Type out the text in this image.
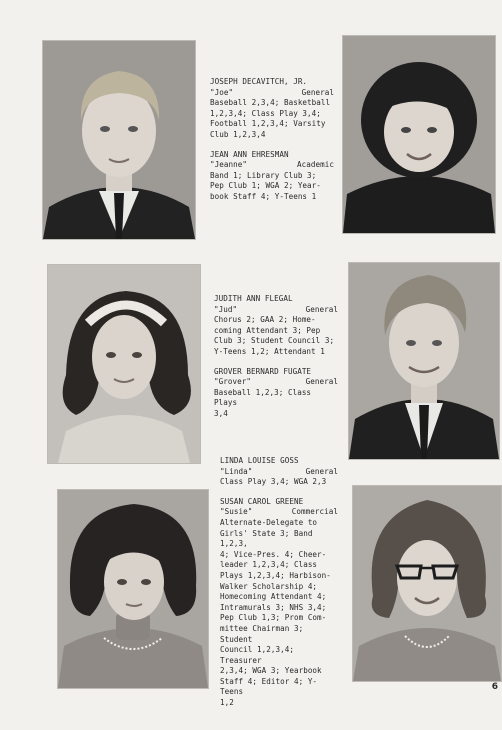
JOSEPH DECAVITCH, JR.
"Joe"	General
Baseball 2,3,4; Basketball
1,2,3,4; Class Play 3,4;
Football 1,2,3,4; Varsity
Club 1,2,3,4
JEAN ANN EHRESMAN
"Jeanne"	Academic
Band 1; Library Club 3;
Pep Club 1; WGA 2; Year-
book Staff 4; Y-Teens 1
JUDITH ANN FLEGAL
"Jud"	General
Chorus 2; GAA 2; Home-
coming Attendant 3; Pep
Club 3; Student Council 3;
Y-Teens 1,2; Attendant 1
GROVER BERNARD FUGATE
"Grover"	General
Baseball 1,2,3; Class Plays
3,4
LINDA LOUISE GOSS
"Linda"	General
Class Play 3,4; WGA 2,3
SUSAN CAROL GREENE
"Susie"	Commercial
Alternate-Delegate to
Girls' State 3; Band 1,2,3,
4; Vice-Pres. 4; Cheer-
leader 1,2,3,4; Class
Plays 1,2,3,4; Harbison-
Walker Scholarship 4;
Homecoming Attendant 4;
Intramurals 3; NHS 3,4;
Pep Club 1,3; Prom Com-
mittee Chairman 3; Student
Council 1,2,3,4; Treasurer
2,3,4; WGA 3; Yearbook
Staff 4; Editor 4; Y-Teens
1,2
6
